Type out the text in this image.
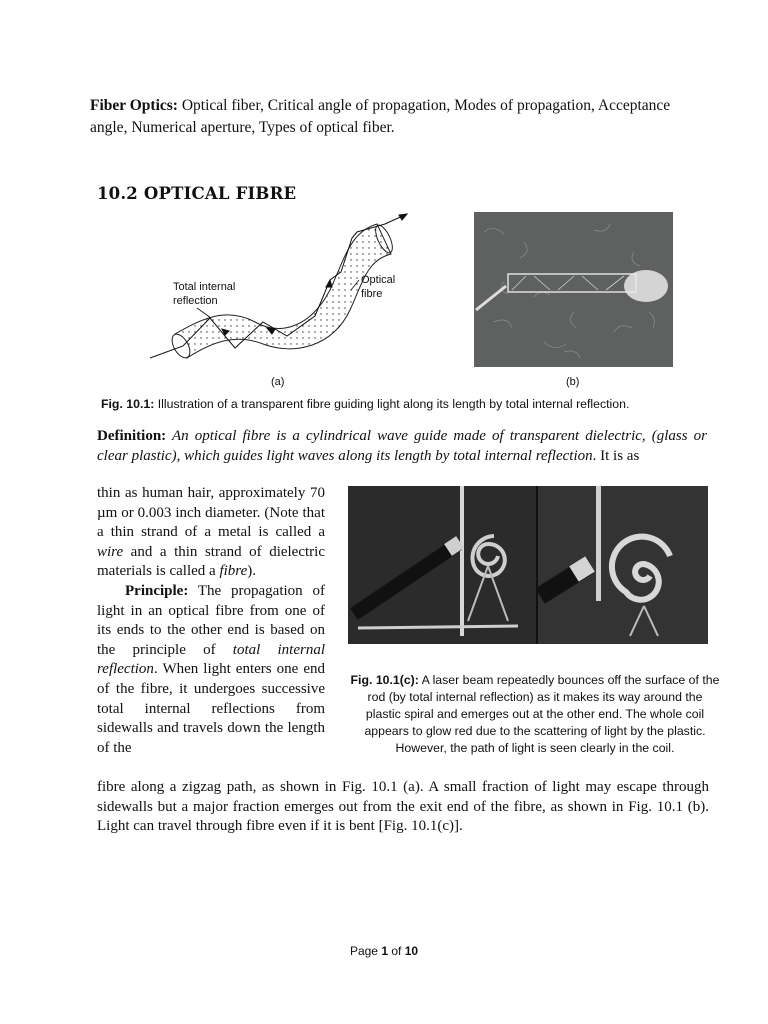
Fiber Optics: Optical fiber, Critical angle of propagation, Modes of propagation, Acceptance angle, Numerical aperture, Types of optical fiber.
10.2 OPTICAL FIBRE
Total internal
reflection
Optical
fibre
(a)	(b)
Fig. 10.1: Illustration of a transparent fibre guiding light along its length by total internal reflection.
Definition: An optical fibre is a cylindrical wave guide made of transparent dielectric, (glass or clear plastic), which guides light waves along its length by total internal reflection. It is as

thin as human hair, approximately 70 µm or 0.003 inch diameter. (Note that a thin strand of a metal is called a wire and a thin strand of dielectric materials is called a fibre).

Principle: The propagation of light in an optical fibre from one of its ends to the other end is based on the principle of total internal reflection. When light enters one end of the fibre, it undergoes successive total internal reflections from sidewalls and travels down the length of the

Fig. 10.1(c): A laser beam repeatedly bounces off the surface of the rod (by total internal reflection) as it makes its way around the plastic spiral and emerges out at the other end. The whole coil appears to glow red due to the scattering of light by the plastic. However, the path of light is seen clearly in the coil.
fibre along a zigzag path, as shown in Fig. 10.1 (a). A small fraction of light may escape through sidewalls but a major fraction emerges out from the exit end of the fibre, as shown in Fig. 10.1 (b). Light can travel through fibre even if it is bent [Fig. 10.1(c)].
Page 1 of 10
